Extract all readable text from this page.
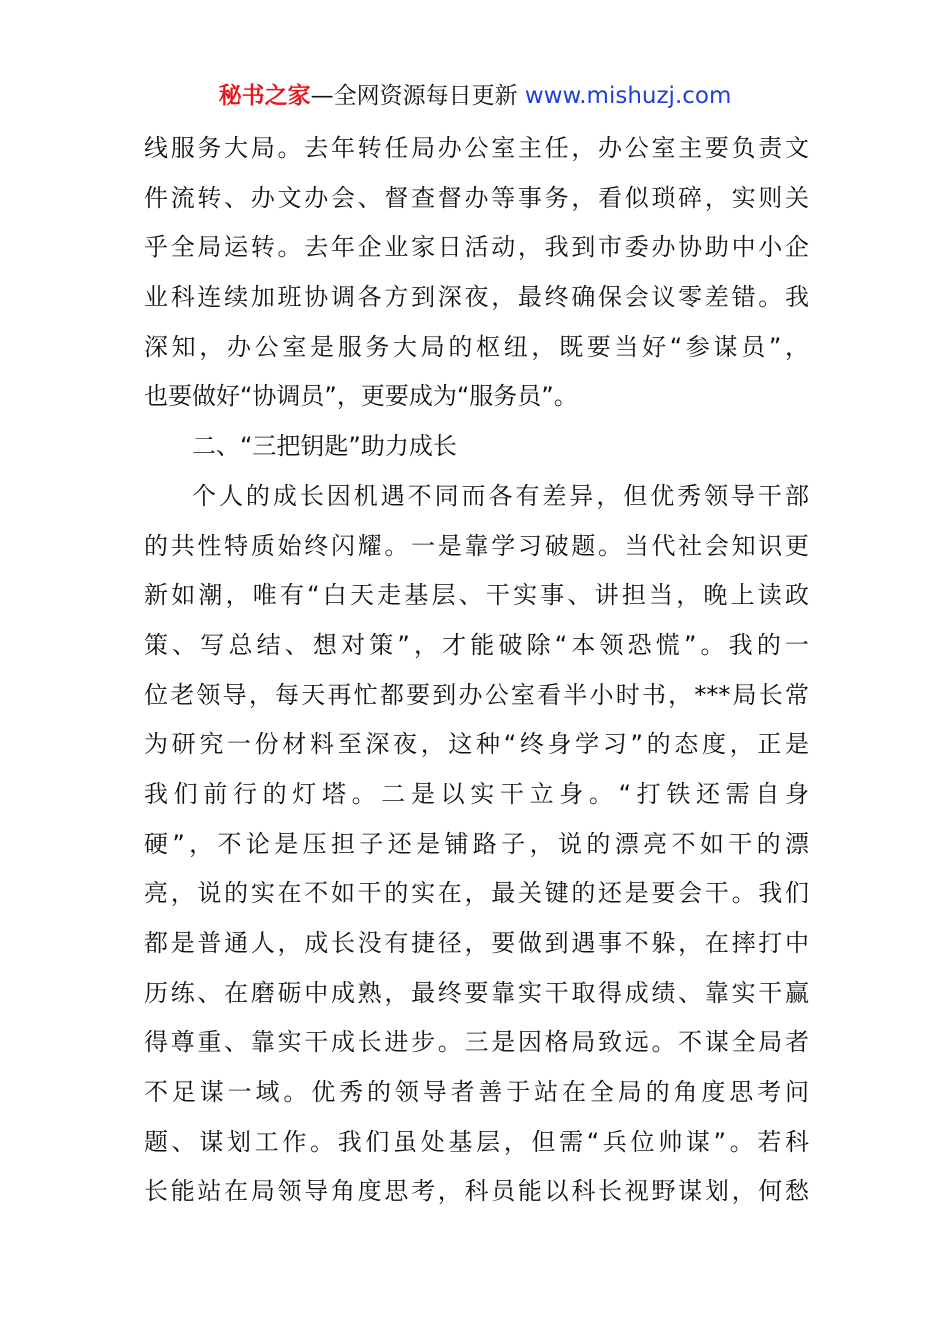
秘书之家—全网资源每日更新 www.mishuzj.com
线服务大局。去年转任局办公室主任，办公室主要负责文
件流转、办文办会、督查督办等事务，看似琐碎，实则关
乎全局运转。去年企业家日活动，我到市委办协助中小企
业科连续加班协调各方到深夜，最终确保会议零差错。我
深知，办公室是服务大局的枢纽，既要当好“参谋员”，
也要做好“协调员”，更要成为“服务员”。
二、“三把钥匙”助力成长
个人的成长因机遇不同而各有差异，但优秀领导干部
的共性特质始终闪耀。一是靠学习破题。当代社会知识更
新如潮，唯有“白天走基层、干实事、讲担当，晚上读政
策、写总结、想对策”，才能破除“本领恐慌”。我的一
位老领导，每天再忙都要到办公室看半小时书，***局长常
为研究一份材料至深夜，这种“终身学习”的态度，正是
我们前行的灯塔。二是以实干立身。“打铁还需自身
硬”，不论是压担子还是铺路子，说的漂亮不如干的漂
亮，说的实在不如干的实在，最关键的还是要会干。我们
都是普通人，成长没有捷径，要做到遇事不躲，在摔打中
历练、在磨砺中成熟，最终要靠实干取得成绩、靠实干赢
得尊重、靠实干成长进步。三是因格局致远。不谋全局者
不足谋一域。优秀的领导者善于站在全局的角度思考问
题、谋划工作。我们虽处基层，但需“兵位帅谋”。若科
长能站在局领导角度思考，科员能以科长视野谋划，何愁
